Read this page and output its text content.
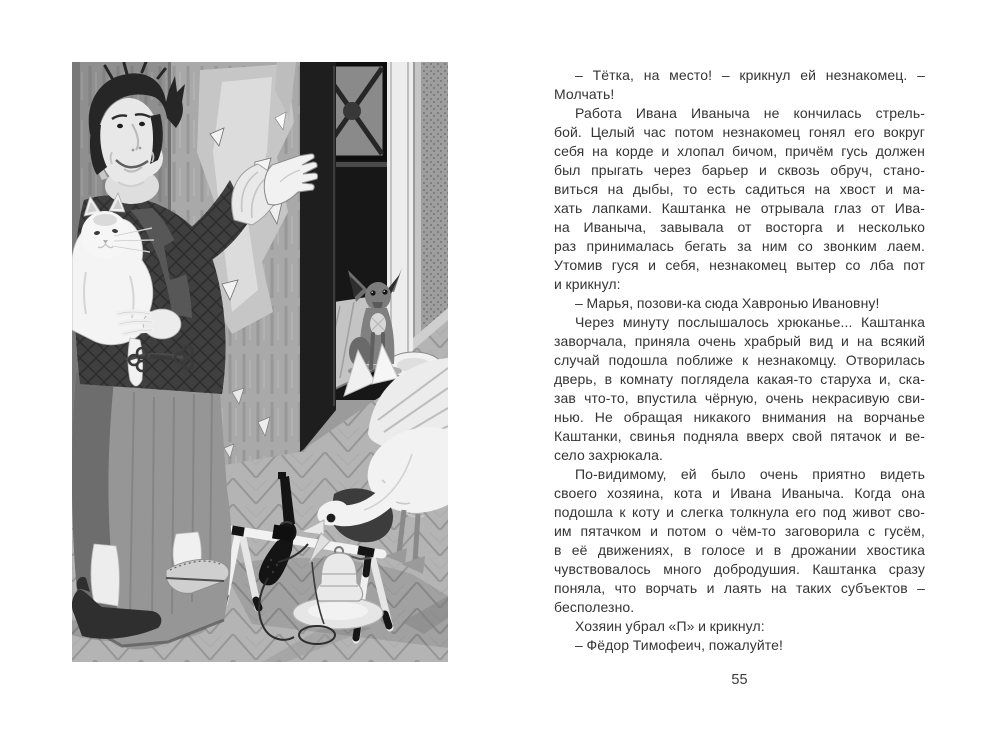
– Тётка, на место! – крикнул ей незнакомец. –
Молчать!
Работа Ивана Иваныча не кончилась стрель-
бой. Целый час потом незнакомец гонял его вокруг
себя на корде и хлопал бичом, причём гусь должен
был прыгать через барьер и сквозь обруч, стано-
виться на дыбы, то есть садиться на хвост и ма-
хать лапками. Каштанка не отрывала глаз от Ива-
на Иваныча, завывала от восторга и несколько
раз принималась бегать за ним со звонким лаем.
Утомив гуся и себя, незнакомец вытер со лба пот
и крикнул:
– Марья, позови-ка сюда Хавронью Ивановну!
Через минуту послышалось хрюканье... Каштанка
заворчала, приняла очень храбрый вид и на всякий
случай подошла поближе к незнакомцу. Отворилась
дверь, в комнату поглядела какая-то старуха и, ска-
зав что-то, впустила чёрную, очень некрасивую сви-
нью. Не обращая никакого внимания на ворчанье
Каштанки, свинья подняла вверх свой пятачок и ве-
село захрюкала.
По-видимому, ей было очень приятно видеть
своего хозяина, кота и Ивана Иваныча. Когда она
подошла к коту и слегка толкнула его под живот сво-
им пятачком и потом о чём-то заговорила с гусём,
в её движениях, в голосе и в дрожании хвостика
чувствовалось много добродушия. Каштанка сразу
поняла, что ворчать и лаять на таких субъектов –
бесполезно.
Хозяин убрал «П» и крикнул:
– Фёдор Тимофеич, пожалуйте!
55
